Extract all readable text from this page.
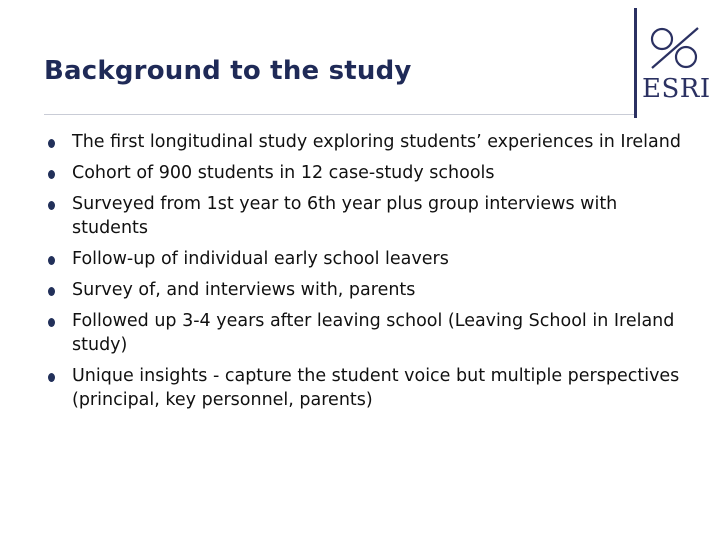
Background to the study
ESRI
The first longitudinal study exploring students’ experiences in Ireland
Cohort of 900 students in 12 case-study schools
Surveyed from 1st year to 6th year plus group interviews with students
Follow-up of individual early school leavers
Survey of, and interviews with, parents
Followed up 3-4 years after leaving school (Leaving School in Ireland study)
Unique insights - capture the student voice but multiple perspectives (principal, key personnel, parents)
